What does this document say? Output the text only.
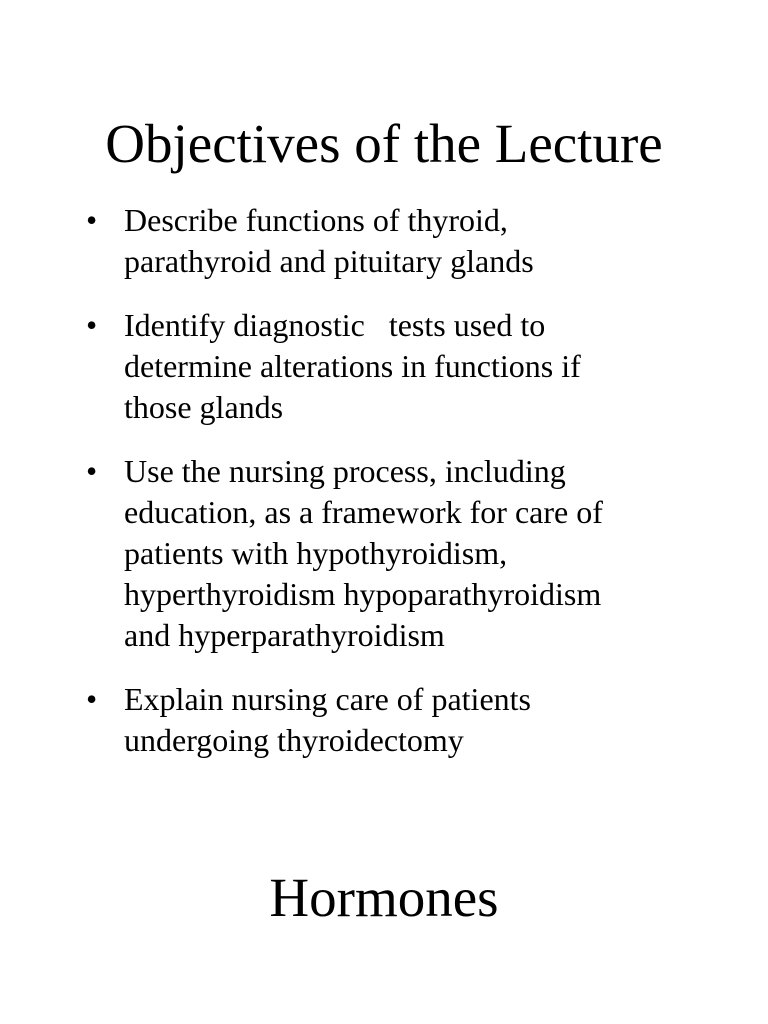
Objectives of the Lecture
• Describe functions of thyroid,
parathyroid and pituitary glands
• Identify diagnostic   tests used to
determine alterations in functions if
those glands
• Use the nursing process, including
education, as a framework for care of
patients with hypothyroidism,
hyperthyroidism hypoparathyroidism
and hyperparathyroidism
• Explain nursing care of patients
undergoing thyroidectomy
Hormones
